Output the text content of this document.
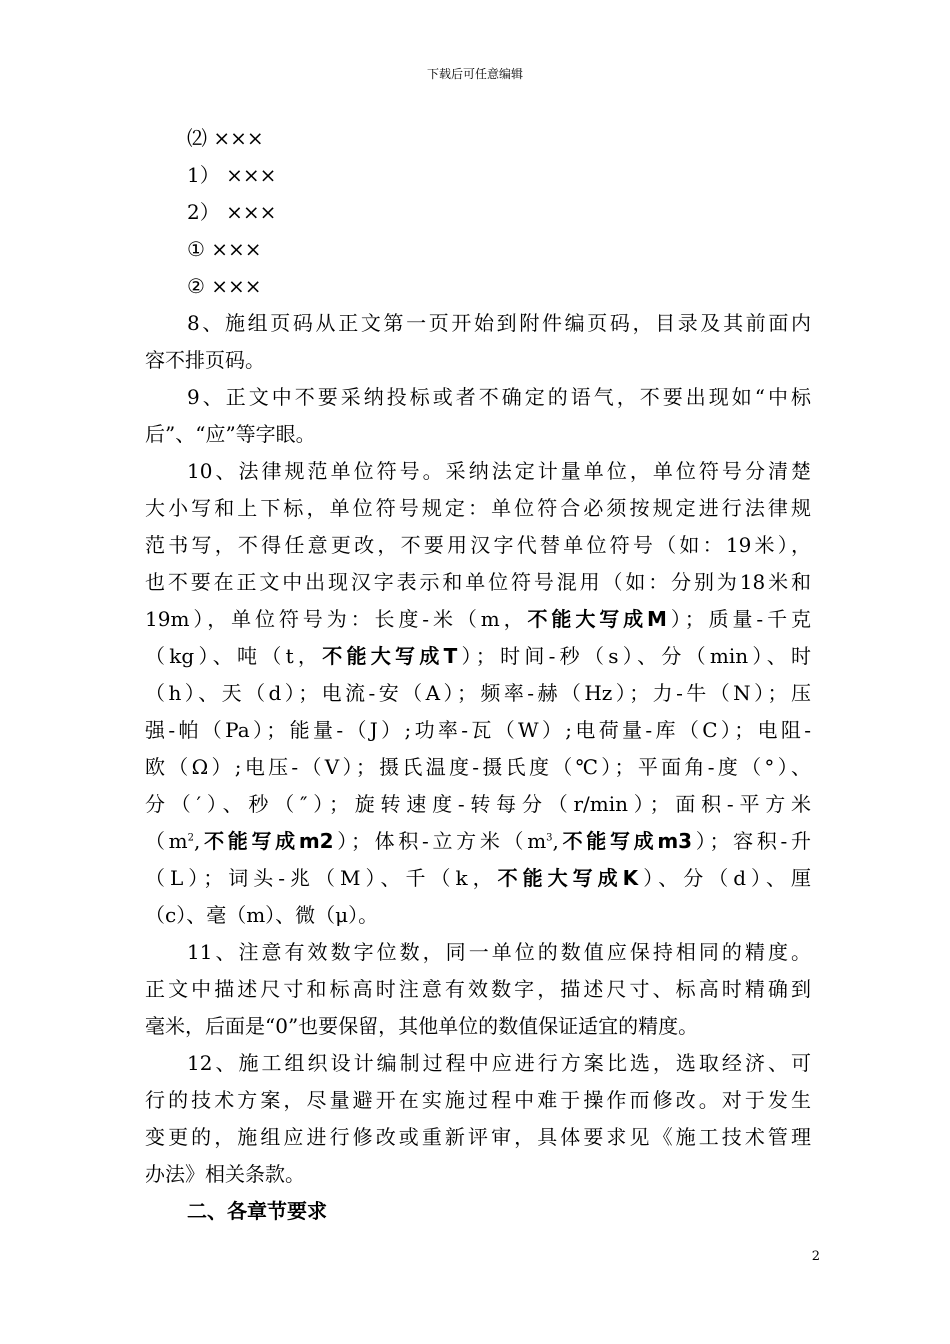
下载后可任意编辑
⑵ ×××
1） ×××
2） ×××
① ×××
② ×××
8、施组页码从正文第一页开始到附件编页码，目录及其前面内
容不排页码。
9、正文中不要采纳投标或者不确定的语气，不要出现如“中标
后”、“应”等字眼。
10、法律规范单位符号。采纳法定计量单位，单位符号分清楚
大小写和上下标，单位符号规定：单位符合必须按规定进行法律规
范书写，不得任意更改，不要用汉字代替单位符号（如：19米），
也不要在正文中出现汉字表示和单位符号混用（如：分别为18米和
19m），单位符号为：长度-米（m，不能大写成M）；质量-千克
（kg）、吨（t，不能大写成T）；时间-秒（s）、分（min）、时
（h）、天（d）；电流-安（A）；频率-赫（Hz）；力-牛（N）；压
强-帕（Pa）；能量-（J）;功率-瓦（W）;电荷量-库（C）；电阻-
欧（Ω）;电压-（V）；摄氏温度-摄氏度（℃）；平面角-度（°）、
分（′）、秒（″）；旋转速度-转每分（r/min）；面积-平方米
（$m^2$,不能写成m2）；体积-立方米（$m^3$,不能写成m3）；容积-升
（L）；词头-兆（M）、千（k，不能大写成K）、分（d）、厘
（c）、毫（m）、微（μ）。
11、注意有效数字位数，同一单位的数值应保持相同的精度。
正文中描述尺寸和标高时注意有效数字，描述尺寸、标高时精确到
毫米，后面是“0”也要保留，其他单位的数值保证适宜的精度。
12、施工组织设计编制过程中应进行方案比选，选取经济、可
行的技术方案，尽量避开在实施过程中难于操作而修改。对于发生
变更的，施组应进行修改或重新评审，具体要求见《施工技术管理
办法》相关条款。
二、各章节要求
2
